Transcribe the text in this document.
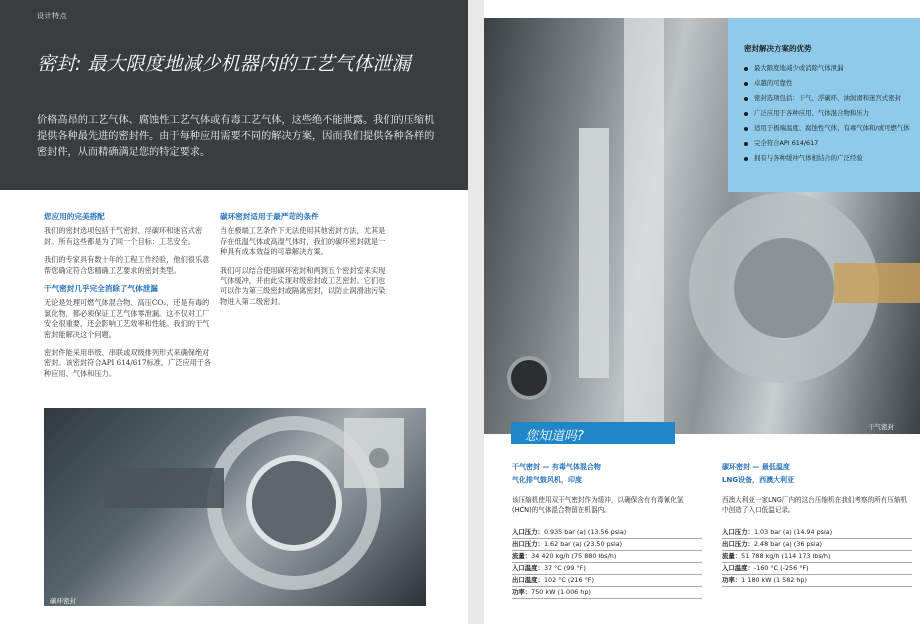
设计特点
密封: 最大限度地减少机器内的工艺气体泄漏

价格高昂的工艺气体、腐蚀性工艺气体或有毒工艺气体，这些绝不能泄露。我们的压缩机提供各种最先进的密封件。由于每种应用需要不同的解决方案，因而我们提供各种各样的密封件，从而精确满足您的特定要求。

您应用的完美搭配

我们的密封选项包括干气密封、浮碳环和迷宫式密封。所有这些都是为了同一个目标：工艺安全。

我们的专家具有数十年的工程工作经验，他们很乐意帮您确定符合您精确工艺要求的密封类型。

干气密封几乎完全消除了气体泄漏

无论是处理可燃气体混合物、高压CO₂，还是有毒的氯化物，都必须保证工艺气体零泄漏。这不仅对工厂安全很重要，还会影响工艺效率和性能。我们的干气密封能解决这个问题。

密封件能采用串级、串联或双级排列形式来确保绝对密封。该密封符合API 614/617标准，广泛应用于各种应用、气体和压力。

碳环密封适用于最严苛的条件

当在极端工艺条件下无法使用其他密封方法，尤其是存在低温气体或高湿气体时，我们的碳环密封就是一种具有成本效益的可靠解决方案。

我们可以结合使用碳环密封和两到五个密封室来实现气体缓冲，并由此实现对级密封或工艺密封。它们也可以作为第三级密封或隔离密封，以防止润滑油污染物进入第二级密封。

碳环密封
干气密封
密封解决方案的优势
最大限度地减少或消除气体泄漏
卓越的可靠性
密封选项包括：干气、浮碳环、油润滑和迷宫式密封
广泛应用于各种应用、气体混合物和压力
适用于极端温度、腐蚀性气体、有毒气体和/或可燃气体
完全符合API 614/617
拥有与各种缓冲气体相结合的广泛经验
您知道吗?
干气密封 — 有毒气体混合物
气化排气鼓风机，印度

该压缩机使用双干气密封作为缓冲，以确保含有有毒氰化氢(HCN)的气体混合物留在机器内。

入口压力：0.935 bar (a) (13.56 psia)
出口压力：1.62 bar (a) (23.50 psia)
流量：34 420 kg/h (75 880 lbs/h)
入口温度：37 °C (99 °F)
出口温度：102 °C (216 °F)
功率：750 kW (1 006 hp)
碳环密封 — 最低温度
LNG设备，西澳大利亚

西澳大利亚一家LNG厂内的这台压缩机在我们考察的所有压缩机中创造了入口低温记录。

入口压力：1.03 bar (a) (14.94 psia)
出口压力：2.48 bar (a) (36 psia)
流量：51 788 kg/h (114 173 lbs/h)
入口温度：-160 °C (-256 °F)
功率：1 180 kW (1 582 hp)
